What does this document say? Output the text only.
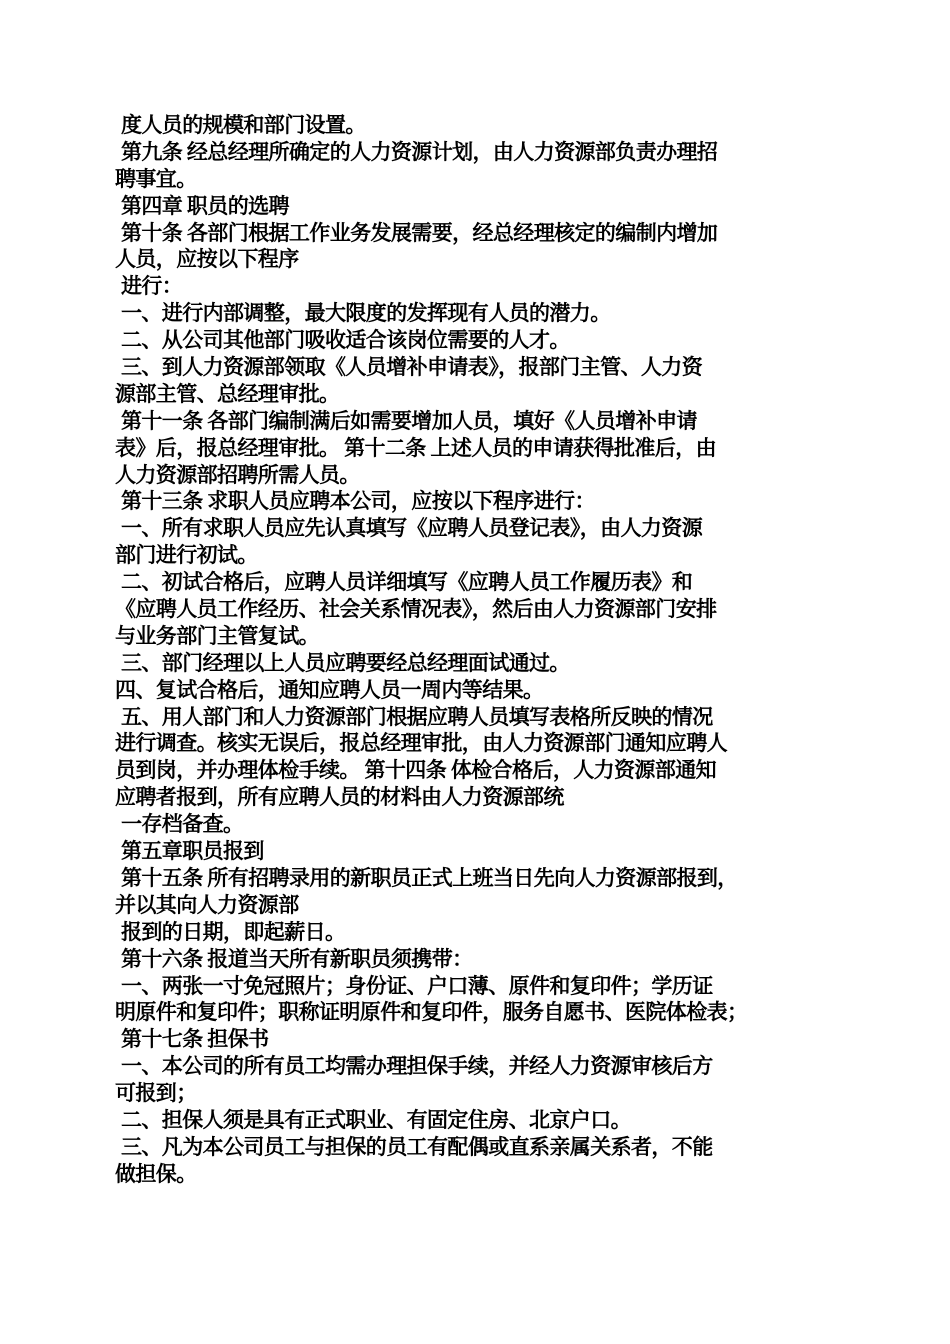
度人员的规模和部门设置。
第九条 经总经理所确定的人力资源计划，由人力资源部负责办理招
聘事宜。
第四章 职员的选聘
第十条 各部门根据工作业务发展需要，经总经理核定的编制内增加
人员，应按以下程序
进行：
一、进行内部调整，最大限度的发挥现有人员的潜力。
二、从公司其他部门吸收适合该岗位需要的人才。
三、到人力资源部领取《人员增补申请表》，报部门主管、人力资
源部主管、总经理审批。
第十一条 各部门编制满后如需要增加人员，填好《人员增补申请
表》后，报总经理审批。 第十二条 上述人员的申请获得批准后，由
人力资源部招聘所需人员。
第十三条 求职人员应聘本公司，应按以下程序进行：
一、所有求职人员应先认真填写《应聘人员登记表》，由人力资源
部门进行初试。
二、初试合格后，应聘人员详细填写《应聘人员工作履历表》和
《应聘人员工作经历、社会关系情况表》，然后由人力资源部门安排
与业务部门主管复试。
三、部门经理以上人员应聘要经总经理面试通过。
四、复试合格后，通知应聘人员一周内等结果。
五、用人部门和人力资源部门根据应聘人员填写表格所反映的情况
进行调查。核实无误后，报总经理审批，由人力资源部门通知应聘人
员到岗，并办理体检手续。 第十四条 体检合格后，人力资源部通知
应聘者报到，所有应聘人员的材料由人力资源部统
一存档备查。
第五章职员报到
第十五条 所有招聘录用的新职员正式上班当日先向人力资源部报到，
并以其向人力资源部
报到的日期，即起薪日。
第十六条 报道当天所有新职员须携带：
一、两张一寸免冠照片；身份证、户口薄、原件和复印件；学历证
明原件和复印件；职称证明原件和复印件，服务自愿书、医院体检表；
第十七条 担保书
一、本公司的所有员工均需办理担保手续，并经人力资源审核后方
可报到；
二、担保人须是具有正式职业、有固定住房、北京户口。
三、凡为本公司员工与担保的员工有配偶或直系亲属关系者，不能
做担保。
